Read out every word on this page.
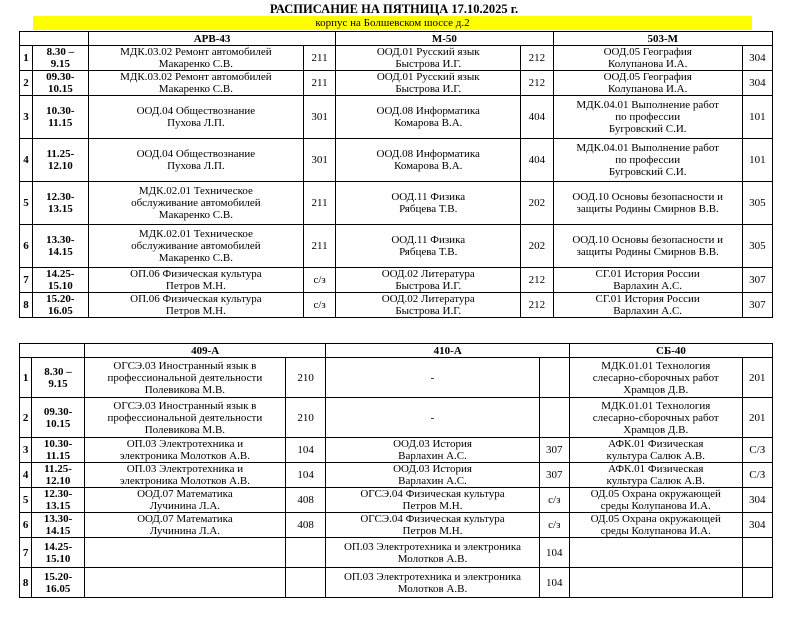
РАСПИСАНИЕ НА ПЯТНИЦА 17.10.2025 г.
корпус на Болшевском шоссе д.2
		АРВ-43		М-50		503-М	
1	8.30 –
9.15	МДК.03.02 Ремонт автомобилей
Макаренко С.В.	211	ООД.01 Русский язык
Быстрова И.Г.	212	ООД.05 География
Колупанова И.А.	304
2	09.30-
10.15	МДК.03.02 Ремонт автомобилей
Макаренко С.В.	211	ООД.01 Русский язык
Быстрова И.Г.	212	ООД.05 География
Колупанова И.А.	304
3	10.30-
11.15	ООД.04 Обществознание
Пухова Л.П.	301	ООД.08 Информатика
Комарова В.А.	404	МДК.04.01 Выполнение работ
по профессии
Бугровский С.И.	101
4	11.25-
12.10	ООД.04 Обществознание
Пухова Л.П.	301	ООД.08 Информатика
Комарова В.А.	404	МДК.04.01 Выполнение работ
по профессии
Бугровский С.И.	101
5	12.30-
13.15	МДК.02.01 Техническое
обслуживание автомобилей
Макаренко С.В.	211	ООД.11 Физика
Рябцева Т.В.	202	ООД.10 Основы безопасности и
защиты Родины Смирнов В.В.	305
6	13.30-
14.15	МДК.02.01 Техническое
обслуживание автомобилей
Макаренко С.В.	211	ООД.11 Физика
Рябцева Т.В.	202	ООД.10 Основы безопасности и
защиты Родины Смирнов В.В.	305
7	14.25-
15.10	ОП.06 Физическая культура
Петров М.Н.	с/з	ООД.02 Литература
Быстрова И.Г.	212	СГ.01 История России
Варлахин А.С.	307
8	15.20-
16.05	ОП.06 Физическая культура
Петров М.Н.	с/з	ООД.02 Литература
Быстрова И.Г.	212	СГ.01 История России
Варлахин А.С.	307
		409-А		410-А		СБ-40	
1	8.30 –
9.15	ОГСЭ.03 Иностранный язык в
профессиональной деятельности
Полевикова М.В.	210	-		МДК.01.01 Технология
слесарно-сборочных работ
Храмцов Д.В.	201
2	09.30-
10.15	ОГСЭ.03 Иностранный язык в
профессиональной деятельности
Полевикова М.В.	210	-		МДК.01.01 Технология
слесарно-сборочных работ
Храмцов Д.В.	201
3	10.30-
11.15	ОП.03 Электротехника и
электроника Молотков А.В.	104	ООД.03 История
Варлахин А.С.	307	АФК.01 Физическая
культура Салюк А.В.	С/З
4	11.25-
12.10	ОП.03 Электротехника и
электроника Молотков А.В.	104	ООД.03 История
Варлахин А.С.	307	АФК.01 Физическая
культура Салюк А.В.	С/З
5	12.30-
13.15	ООД.07 Математика
Лучинина Л.А.	408	ОГСЭ.04 Физическая культура
Петров М.Н.	с/з	ОД.05 Охрана окружающей
среды Колупанова И.А.	304
6	13.30-
14.15	ООД.07 Математика
Лучинина Л.А.	408	ОГСЭ.04 Физическая культура
Петров М.Н.	с/з	ОД.05 Охрана окружающей
среды Колупанова И.А.	304
7	14.25-
15.10			ОП.03 Электротехника и электроника
Молотков А.В.	104		
8	15.20-
16.05			ОП.03 Электротехника и электроника
Молотков А.В.	104		
